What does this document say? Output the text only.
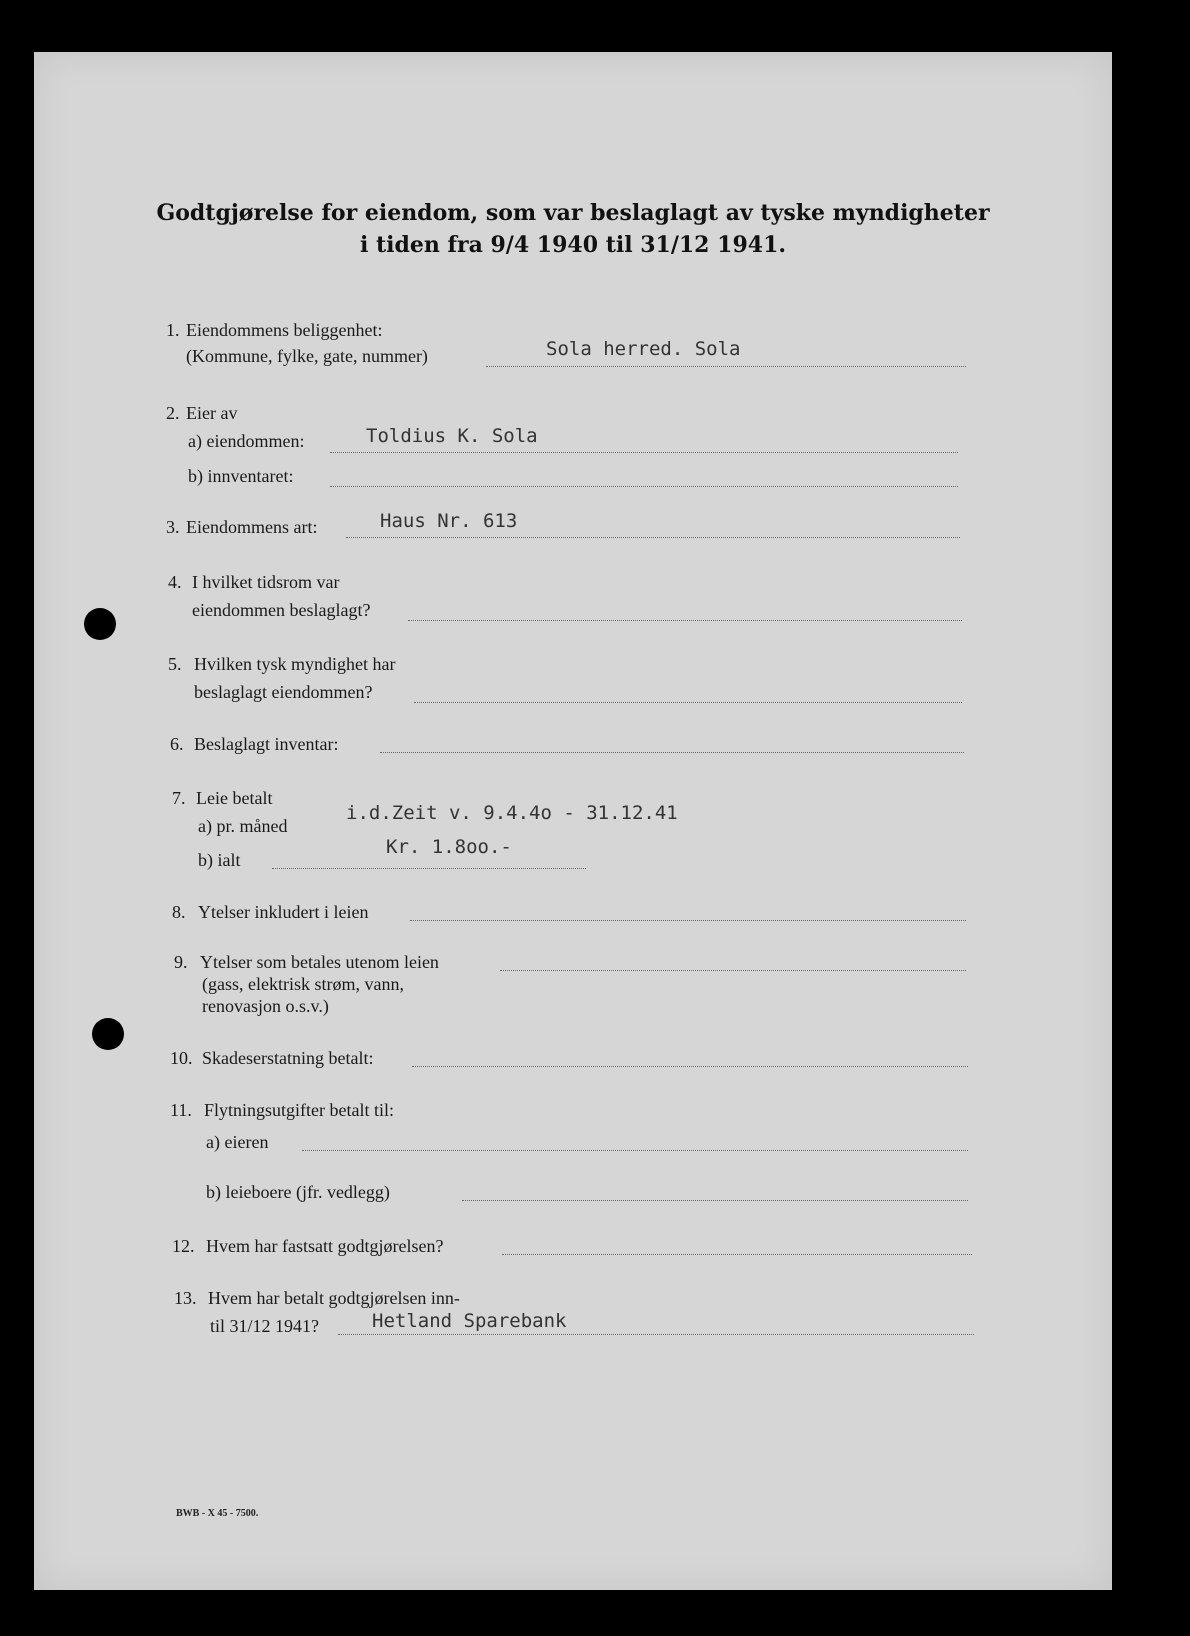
Godtgjørelse for eiendom, som var beslaglagt av tyske myndigheter
i tiden fra 9/4 1940 til 31/12 1941.
1. Eiendommens beliggenhet:
(Kommune, fylke, gate, nummer)	Sola herred. Sola
2. Eier av
a) eiendommen:	Toldius K. Sola
b) innventaret:
3. Eiendommens art:	Haus Nr. 613
4. I hvilket tidsrom var
eiendommen beslaglagt?
5. Hvilken tysk myndighet har
beslaglagt eiendommen?
6. Beslaglagt inventar:
7. Leie betalt
a) pr. måned
i.d.Zeit v. 9.4.4o - 31.12.41
b) ialt
Kr. 1.8oo.-
8. Ytelser inkludert i leien
9. Ytelser som betales utenom leien
(gass, elektrisk strøm, vann,
renovasjon o.s.v.)
10. Skadeserstatning betalt:
11. Flytningsutgifter betalt til:
a) eieren
b) leieboere (jfr. vedlegg)
12. Hvem har fastsatt godtgjørelsen?
13. Hvem har betalt godtgjørelsen inn-
til 31/12 1941?	Hetland Sparebank
BWB - X 45 - 7500.
